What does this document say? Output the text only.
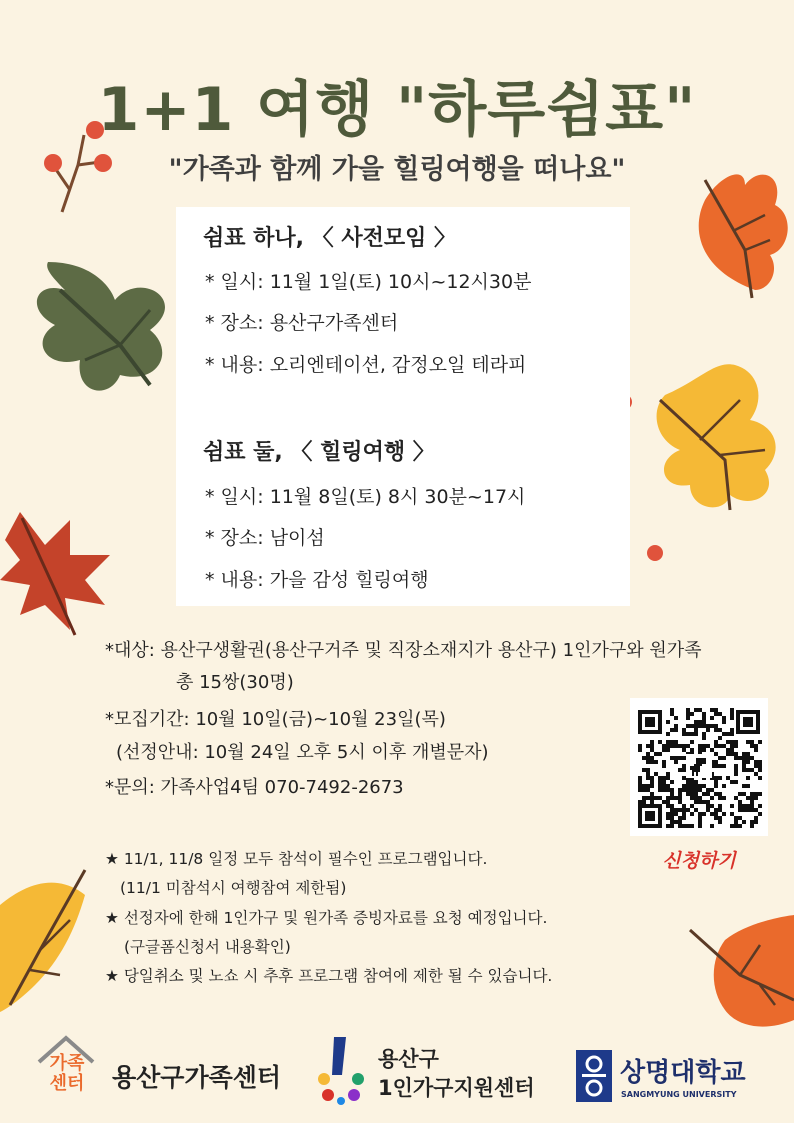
1+1 여행 "하루쉼표"
"가족과 함께 가을 힐링여행을 떠나요"
쉼표 하나, 〈 사전모임 〉
* 일시: 11월 1일(토) 10시~12시30분
* 장소: 용산구가족센터
* 내용: 오리엔테이션, 감정오일 테라피
쉼표 둘, 〈 힐링여행 〉
* 일시: 11월 8일(토) 8시 30분~17시
* 장소: 남이섬
* 내용: 가을 감성 힐링여행
*대상: 용산구생활권(용산구거주 및 직장소재지가 용산구) 1인가구와 원가족
총 15쌍(30명)
*모집기간: 10월 10일(금)~10월 23일(목)
(선정안내: 10월 24일 오후 5시 이후 개별문자)
*문의: 가족사업4팀 070-7492-2673
★ 11/1, 11/8 일정 모두 참석이 필수인 프로그램입니다.
(11/1 미참석시 여행참여 제한됨)
★ 선정자에 한해 1인가구 및 원가족 증빙자료를 요청 예정입니다.
(구글폼신청서 내용확인)
★ 당일취소 및 노쇼 시 추후 프로그램 참여에 제한 될 수 있습니다.
신청하기
가족센터 용산구가족센터
용산구
1인가구지원센터	상명대학교
SANGMYUNG UNIVERSITY
